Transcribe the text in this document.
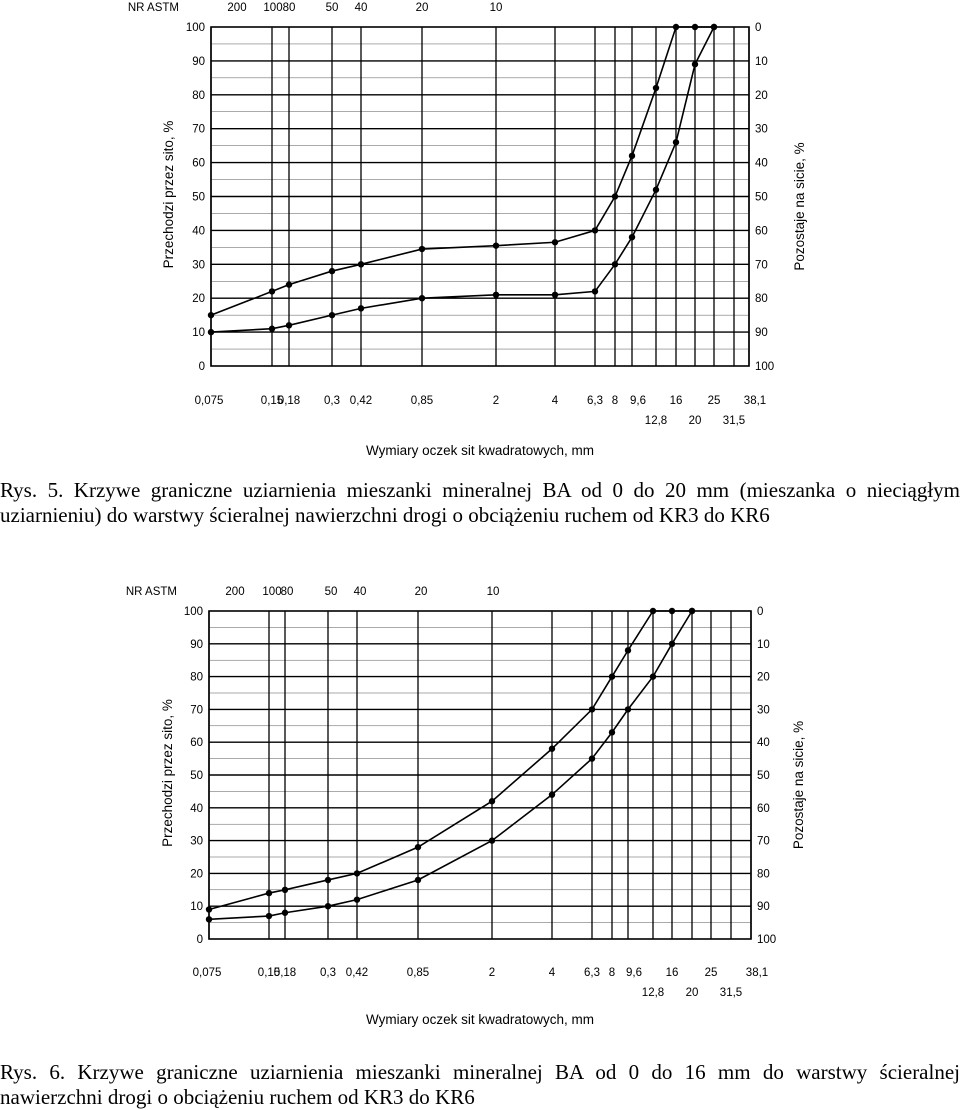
0
10
20
30
40
50
60
70
80
90
100
100
90
80
70
60
50
40
30
20
10
0
NR ASTM	200 100 80	50 40	20	10
0,075	0,15
0,18 0,3 0,42	0,85	2	4	6,3 8 9,6 16 25 38,1
12,8 20 31,5
Wymiary oczek sit kwadratowych, mm
Przechodzi przez sito, %	Pozostaje na sicie, %
Rys. 5. Krzywe graniczne uziarnienia mieszanki mineralnej BA od 0 do 20 mm (mieszanka o nieciągłym uziarnieniu) do warstwy ścieralnej nawierzchni drogi o obciążeniu ruchem od KR3 do KR6
0
10
20
30
40
50
60
70
80
90
100
100
90
80
70
60
50
40
30
20
10
0
NR ASTM	200 100 80	50 40	20	10
0,075	0,15
0,18 0,3 0,42	0,85	2	4	6,3 8 9,6 16 25 38,1
12,8 20 31,5
Wymiary oczek sit kwadratowych, mm
Przechodzi przez sito, %	Pozostaje na sicie, %
Rys. 6. Krzywe graniczne uziarnienia mieszanki mineralnej BA od 0 do 16 mm do warstwy ścieralnej nawierzchni drogi o obciążeniu ruchem od KR3 do KR6
